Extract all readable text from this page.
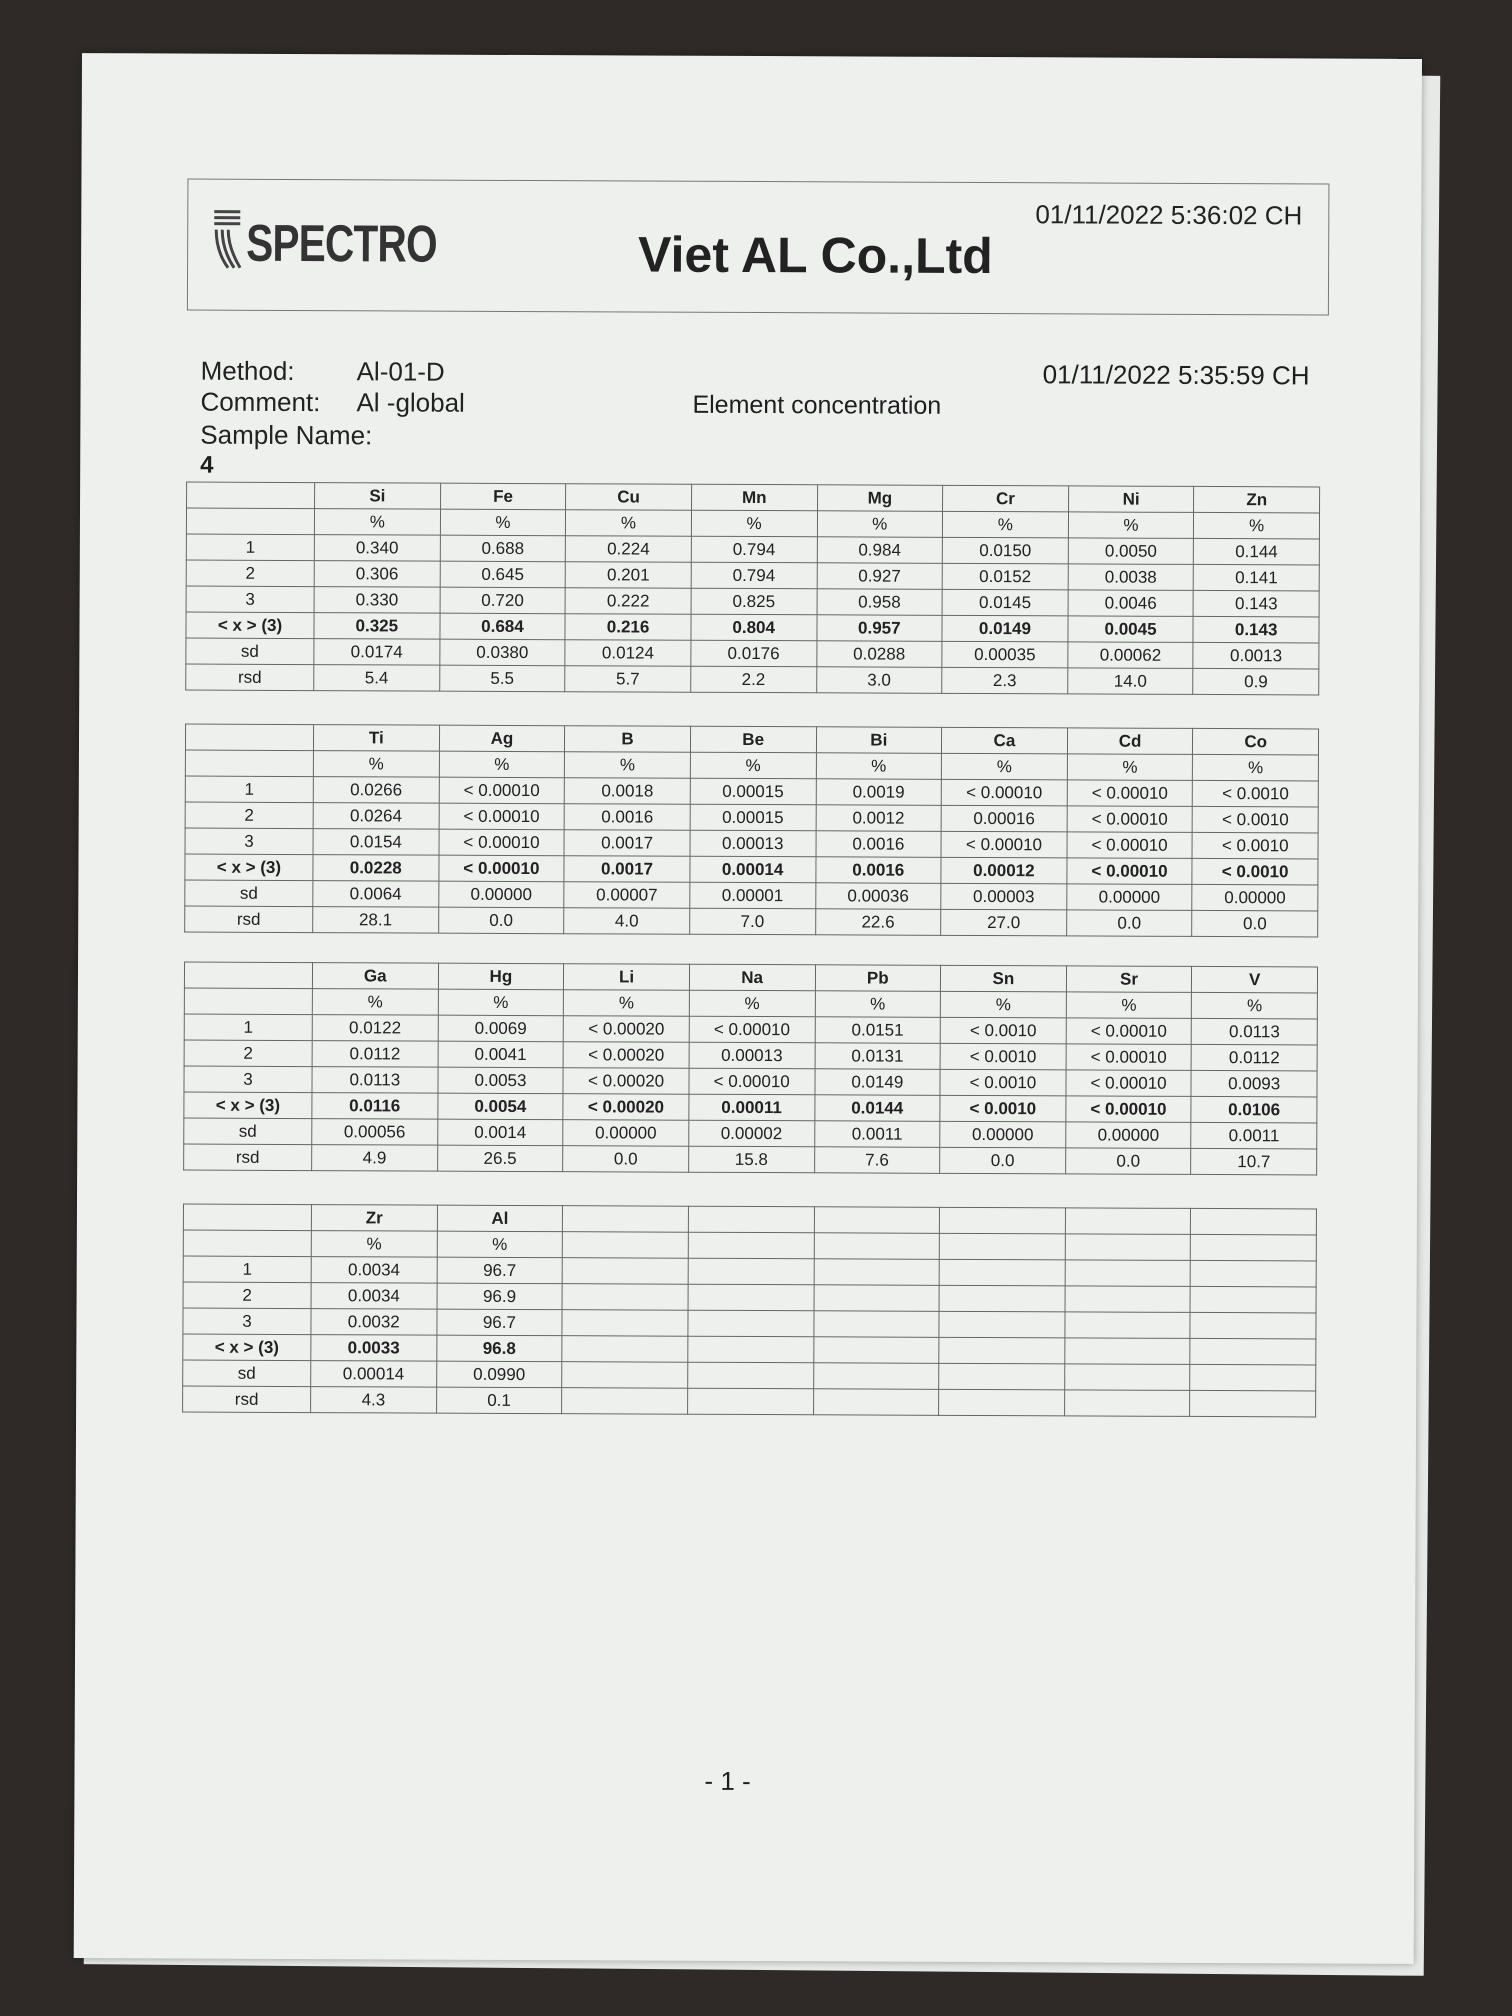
SPECTRO	Viet AL Co.,Ltd
01/11/2022 5:36:02 CH
Method: Al-01-D
Comment: Al -global
Sample Name:
4
Element concentration
01/11/2022 5:35:59 CH
	Si	Fe	Cu	Mn	Mg	Cr	Ni	Zn
	%	%	%	%	%	%	%	%
1	0.340	0.688	0.224	0.794	0.984	0.0150	0.0050	0.144
2	0.306	0.645	0.201	0.794	0.927	0.0152	0.0038	0.141
3	0.330	0.720	0.222	0.825	0.958	0.0145	0.0046	0.143
< x > (3)	0.325	0.684	0.216	0.804	0.957	0.0149	0.0045	0.143
sd	0.0174	0.0380	0.0124	0.0176	0.0288	0.00035	0.00062	0.0013
rsd	5.4	5.5	5.7	2.2	3.0	2.3	14.0	0.9
	Ti	Ag	B	Be	Bi	Ca	Cd	Co
	%	%	%	%	%	%	%	%
1	0.0266	< 0.00010	0.0018	0.00015	0.0019	< 0.00010	< 0.00010	< 0.0010
2	0.0264	< 0.00010	0.0016	0.00015	0.0012	0.00016	< 0.00010	< 0.0010
3	0.0154	< 0.00010	0.0017	0.00013	0.0016	< 0.00010	< 0.00010	< 0.0010
< x > (3)	0.0228	< 0.00010	0.0017	0.00014	0.0016	0.00012	< 0.00010	< 0.0010
sd	0.0064	0.00000	0.00007	0.00001	0.00036	0.00003	0.00000	0.00000
rsd	28.1	0.0	4.0	7.0	22.6	27.0	0.0	0.0
	Ga	Hg	Li	Na	Pb	Sn	Sr	V
	%	%	%	%	%	%	%	%
1	0.0122	0.0069	< 0.00020	< 0.00010	0.0151	< 0.0010	< 0.00010	0.0113
2	0.0112	0.0041	< 0.00020	0.00013	0.0131	< 0.0010	< 0.00010	0.0112
3	0.0113	0.0053	< 0.00020	< 0.00010	0.0149	< 0.0010	< 0.00010	0.0093
< x > (3)	0.0116	0.0054	< 0.00020	0.00011	0.0144	< 0.0010	< 0.00010	0.0106
sd	0.00056	0.0014	0.00000	0.00002	0.0011	0.00000	0.00000	0.0011
rsd	4.9	26.5	0.0	15.8	7.6	0.0	0.0	10.7
	Zr	Al						
	%	%						
1	0.0034	96.7						
2	0.0034	96.9						
3	0.0032	96.7						
< x > (3)	0.0033	96.8						
sd	0.00014	0.0990						
rsd	4.3	0.1						
- 1 -
